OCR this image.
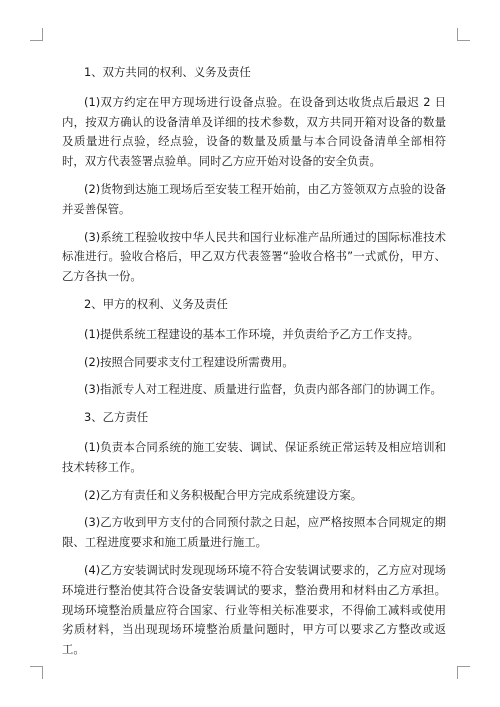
1、双方共同的权利、义务及责任

(1)双方约定在甲方现场进行设备点验。在设备到达收货点后最迟 2 日内，按双方确认的设备清单及详细的技术参数，双方共同开箱对设备的数量及质量进行点验，经点验，设备的数量及质量与本合同设备清单全部相符时，双方代表签署点验单。同时乙方应开始对设备的安全负责。

(2)货物到达施工现场后至安装工程开始前，由乙方签领双方点验的设备并妥善保管。

(3)系统工程验收按中华人民共和国行业标准产品所通过的国际标准技术标准进行。验收合格后，甲乙双方代表签署“验收合格书”一式贰份，甲方、乙方各执一份。

2、甲方的权利、义务及责任

(1)提供系统工程建设的基本工作环境，并负责给予乙方工作支持。

(2)按照合同要求支付工程建设所需费用。

(3)指派专人对工程进度、质量进行监督，负责内部各部门的协调工作。

3、乙方责任

(1)负责本合同系统的施工安装、调试、保证系统正常运转及相应培训和技术转移工作。

(2)乙方有责任和义务积极配合甲方完成系统建设方案。

(3)乙方收到甲方支付的合同预付款之日起，应严格按照本合同规定的期限、工程进度要求和施工质量进行施工。

(4)乙方安装调试时发现现场环境不符合安装调试要求的，乙方应对现场环境进行整治使其符合设备安装调试的要求，整治费用和材料由乙方承担。现场环境整治质量应符合国家、行业等相关标准要求，不得偷工减料或使用劣质材料，当出现现场环境整治质量问题时，甲方可以要求乙方整改或返工。
